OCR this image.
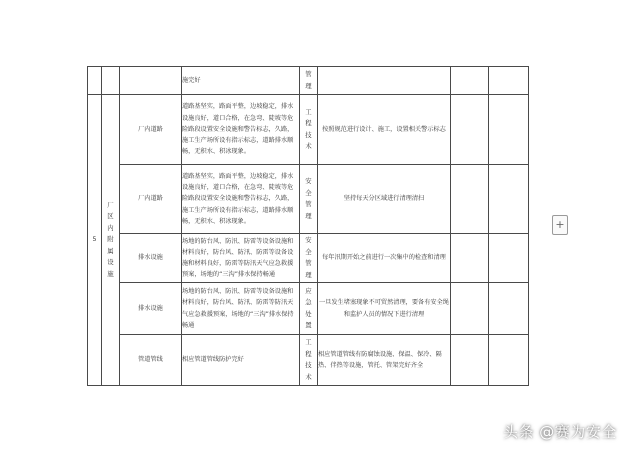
			施完好	管理			

5	厂区内附属设施	厂内道路	道路基坚实，路面平整，边坡稳定，排水设施良好，道口合格，在急弯、陡坡等危险路段设置安全设施和警告标志，久路，施工生产场所设有指示标志，道路排水顺畅，无积水、积冰现象。	工程技术	按照规范进行设计、施工，设置相关警示标志		
		厂内道路	道路基坚实，路面平整，边坡稳定，排水设施良好，道口合格，在急弯、陡坡等危险路段设置安全设施和警告标志，久路，施工生产场所设有指示标志，道路排水顺畅，无积水、积冰现象。	安全管理	坚持每天分区域进行清理清扫		
		排水设施	场地的防台风、防汛、防雷等设备设施和材料良好，防台风、防汛、防雷等设备设施和材料良好，防雷等防汛天气应急救援预案，场地的“三沟”排水保持畅通	安全管理	每年汛期开始之前进行一次集中的检查和清理		
		排水设施	场地的防台风、防汛、防雷等设备设施和材料良好，防台风、防汛、防雷等防汛天气应急救援预案，场地的“三沟”排水保持畅通	应急处置	一旦发生堵塞现象不可贸然清理，要备有安全绳和监护人员的情况下进行清理		
		管道管线	相应管道管线防护完好	工程技术	相应管道管线有防腐蚀设施、保温、保冷、隔热、伴热等设施，管托、管架完好齐全		
+
头条 @赛为安全
